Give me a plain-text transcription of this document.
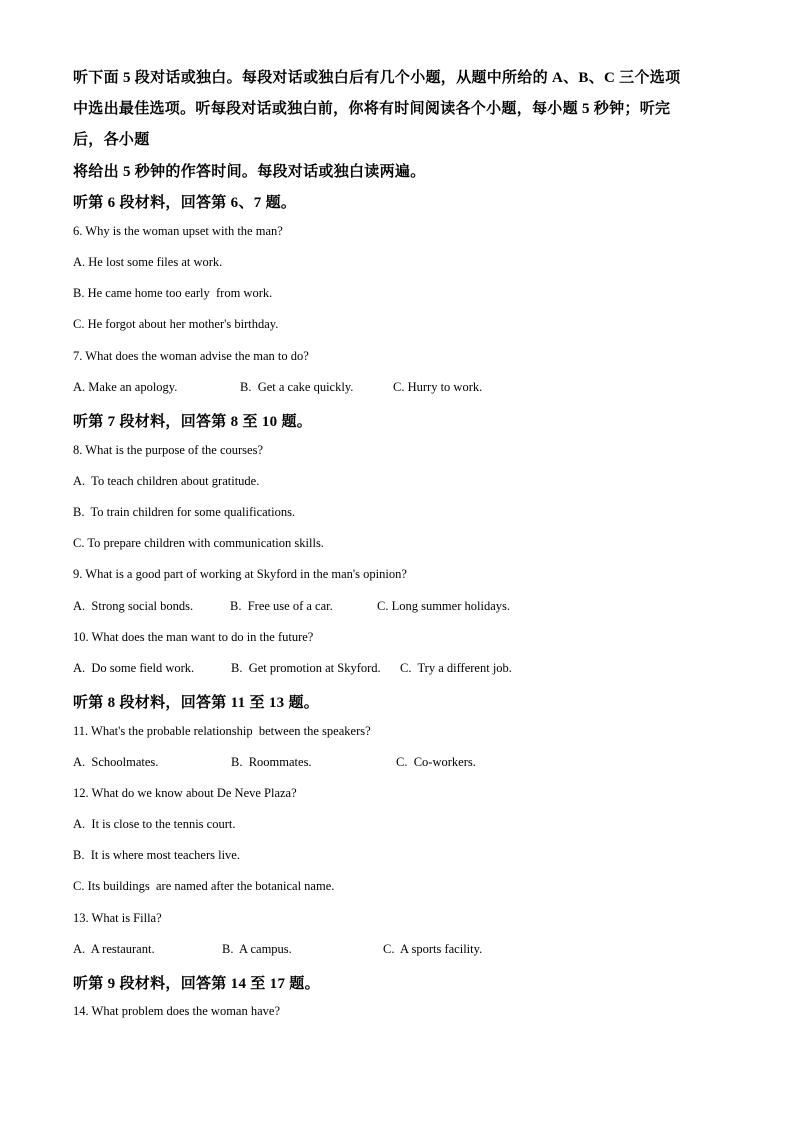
听下面 5 段对话或独白。每段对话或独白后有几个小题，从题中所给的 A、B、C 三个选项
中选出最佳选项。听每段对话或独白前，你将有时间阅读各个小题，每小题 5 秒钟；听完
后，各小题
将给出 5 秒钟的作答时间。每段对话或独白读两遍。
听第 6 段材料，回答第 6、7 题。
6. Why is the woman upset with the man?
A. He lost some files at work.
B. He came home too early  from work.
C. He forgot about her mother's birthday.
7. What does the woman advise the man to do?
A. Make an apology.	B.  Get a cake quickly.	C. Hurry to work.
听第 7 段材料，回答第 8 至 10 题。
8. What is the purpose of the courses?
A.  To teach children about gratitude.
B.  To train children for some qualifications.
C. To prepare children with communication skills.
9. What is a good part of working at Skyford in the man's opinion?
A.  Strong social bonds.	B.  Free use of a car.	C. Long summer holidays.
10. What does the man want to do in the future?
A.  Do some field work.	B.  Get promotion at Skyford. C.  Try a different job.
听第 8 段材料，回答第 11 至 13 题。
11. What's the probable relationship  between the speakers?
A.  Schoolmates.	B.  Roommates.	C.  Co-workers.
12. What do we know about De Neve Plaza?
A.  It is close to the tennis court.
B.  It is where most teachers live.
C. Its buildings  are named after the botanical name.
13. What is Filla?
A.  A restaurant.	B.  A campus.	C.  A sports facility.
听第 9 段材料，回答第 14 至 17 题。
14. What problem does the woman have?
